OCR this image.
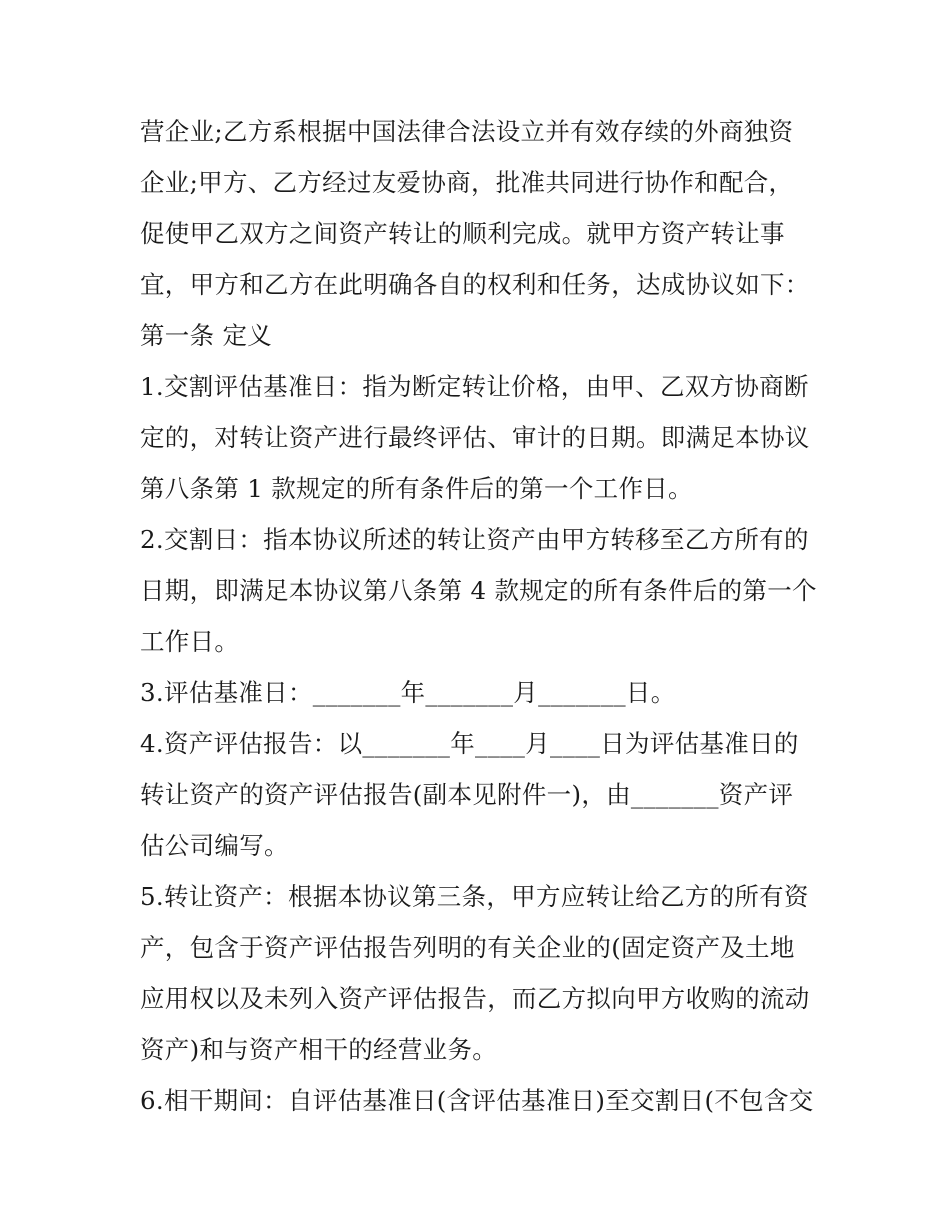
营企业;乙方系根据中国法律合法设立并有效存续的外商独资
企业;甲方、乙方经过友爱协商，批准共同进行协作和配合，
促使甲乙双方之间资产转让的顺利完成。就甲方资产转让事
宜，甲方和乙方在此明确各自的权利和任务，达成协议如下：
第一条 定义
1.交割评估基准日：指为断定转让价格，由甲、乙双方协商断
定的，对转让资产进行最终评估、审计的日期。即满足本协议
第八条第 1 款规定的所有条件后的第一个工作日。
2.交割日：指本协议所述的转让资产由甲方转移至乙方所有的
日期，即满足本协议第八条第 4 款规定的所有条件后的第一个
工作日。
3.评估基准日：_______年_______月_______日。
4.资产评估报告：以_______年____月____日为评估基准日的
转让资产的资产评估报告(副本见附件一)，由_______资产评
估公司编写。
5.转让资产：根据本协议第三条，甲方应转让给乙方的所有资
产，包含于资产评估报告列明的有关企业的(固定资产及土地
应用权以及未列入资产评估报告，而乙方拟向甲方收购的流动
资产)和与资产相干的经营业务。
6.相干期间：自评估基准日(含评估基准日)至交割日(不包含交
